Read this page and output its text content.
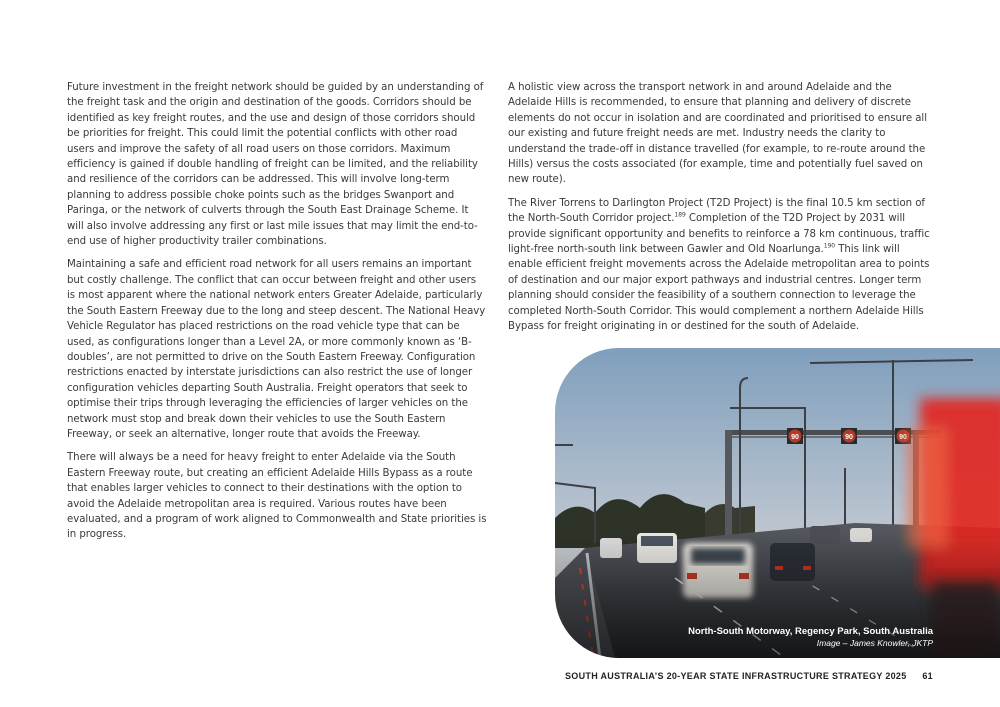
Future investment in the freight network should be guided by an understanding of the freight task and the origin and destination of the goods. Corridors should be identified as key freight routes, and the use and design of those corridors should be priorities for freight. This could limit the potential conflicts with other road users and improve the safety of all road users on those corridors. Maximum efficiency is gained if double handling of freight can be limited, and the reliability and resilience of the corridors can be addressed. This will involve long-term planning to address possible choke points such as the bridges Swanport and Paringa, or the network of culverts through the South East Drainage Scheme. It will also involve addressing any first or last mile issues that may limit the end-to-end use of higher productivity trailer combinations.

Maintaining a safe and efficient road network for all users remains an important but costly challenge. The conflict that can occur between freight and other users is most apparent where the national network enters Greater Adelaide, particularly the South Eastern Freeway due to the long and steep descent. The National Heavy Vehicle Regulator has placed restrictions on the road vehicle type that can be used, as configurations longer than a Level 2A, or more commonly known as ‘B-doubles’, are not permitted to drive on the South Eastern Freeway. Configuration restrictions enacted by interstate jurisdictions can also restrict the use of longer configuration vehicles departing South Australia. Freight operators that seek to optimise their trips through leveraging the efficiencies of larger vehicles on the network must stop and break down their vehicles to use the South Eastern Freeway, or seek an alternative, longer route that avoids the Freeway.

There will always be a need for heavy freight to enter Adelaide via the South Eastern Freeway route, but creating an efficient Adelaide Hills Bypass as a route that enables larger vehicles to connect to their destinations with the option to avoid the Adelaide metropolitan area is required. Various routes have been evaluated, and a program of work aligned to Commonwealth and State priorities is in progress.

A holistic view across the transport network in and around Adelaide and the Adelaide Hills is recommended, to ensure that planning and delivery of discrete elements do not occur in isolation and are coordinated and prioritised to ensure all our existing and future freight needs are met. Industry needs the clarity to understand the trade-off in distance travelled (for example, to re-route around the Hills) versus the costs associated (for example, time and potentially fuel saved on new route).

The River Torrens to Darlington Project (T2D Project) is the final 10.5 km section of the North-South Corridor project.$^{189}$ Completion of the T2D Project by 2031 will provide significant opportunity and benefits to reinforce a 78 km continuous, traffic light-free north-south link between Gawler and Old Noarlunga.$^{190}$ This link will enable efficient freight movements across the Adelaide metropolitan area to points of destination and our major export pathways and industrial centres. Longer term planning should consider the feasibility of a southern connection to leverage the completed North-South Corridor. This would complement a northern Adelaide Hills Bypass for freight originating in or destined for the south of Adelaide.

North-South Motorway, Regency Park, South Australia
Image – James Knowler, JKTP
SOUTH AUSTRALIA’S 20-YEAR STATE INFRASTRUCTURE STRATEGY 2025 61
